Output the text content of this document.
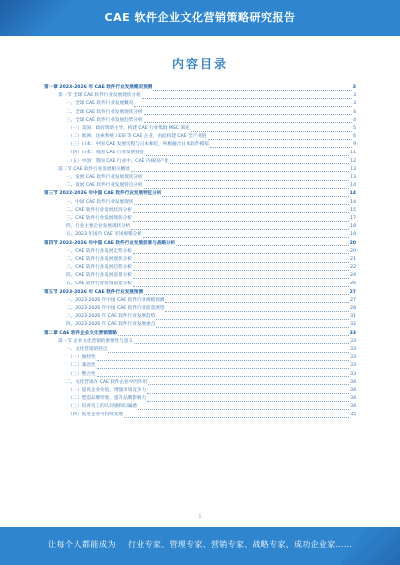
CAE 软件企业文化营销策略研究报告
内容目录
第一章 2023-2026 年 CAE 软件行业发展概况预测	3
第一节 全球 CAE 软件行业发展现状分析	3
一、全球 CAE 软件行业发展概况	3
二、全球 CAE 软件行业发展现状分析	4
三、全球 CAE 软件行业发展趋势分析	4
（一）美国：政府资助主导，构建 CAE 行业集群 MSC 领先	5
（二）欧洲：达索系统 / ESI 等 CAE 企业，由此构建 CAE 全产业链	6
（三）日本：中国 CAE 发展历程与日本相近，积极融合日本软件模拟	9
（四）日本：我国 CAE 行业发展特征	11
（五）中国：我国 CAE 行业中，CAE 内核国产化	12
第二节 CAE 软件行业发展相关概述	13
一、发展 CAE 软件行业发展现状分析	13
二、发展 CAE 软件行业发展特点分析	14
第三节 2022-2026 年中国 CAE 软件行业发展特征分析	14
一、中国 CAE 软件行业发展现状	14
二、CAE 软件行业发展状况分析	15
三、CAE 软件行业发展现状分析	17
四、行业主要企业发展现状分析	18
五、2023 年国内 CAE 市场规模分析	18
第四节 2022-2026 年中国 CAE 软件行业发展前景与战略分析	20
一、CAE 软件行业发展走势分析	20
二、CAE 软件行业发展现状分析	21
三、CAE 软件行业发展趋势分析	22
四、CAE 软件行业发展前景分析	24
五、CAE 软件行业投资前景分析	26
第五节 2023-2026 年 CAE 软件行业发展预测	27
一、2023-2026 年中国 CAE 软件行业规模预测	27
二、2023-2026 年中国 CAE 软件行业前景展望	28
三、2023-2026 年 CAE 软件行业发展趋势	31
四、2023-2026 年 CAE 软件行业发展重点	32
第二章 CAE 软件企业文化营销策略	33
第一节 企业文化营销的重要性与意义	33
一、文化营销的特点	33
（一）独特性	33
（二）兼容性	33
（三）整合性	33
二、文化营销在 CAE 软件企业中的作用	34
（一）提高企业价值，增强市场竞争力	34
（二）塑造品牌形象，提升品牌影响力	34
（三）培养员工的认同感和归属感	34
（四）促进企业可持续发展	35
1
让每个人都能成为 行业专家、管理专家、营销专家、战略专家、成功企业家……
